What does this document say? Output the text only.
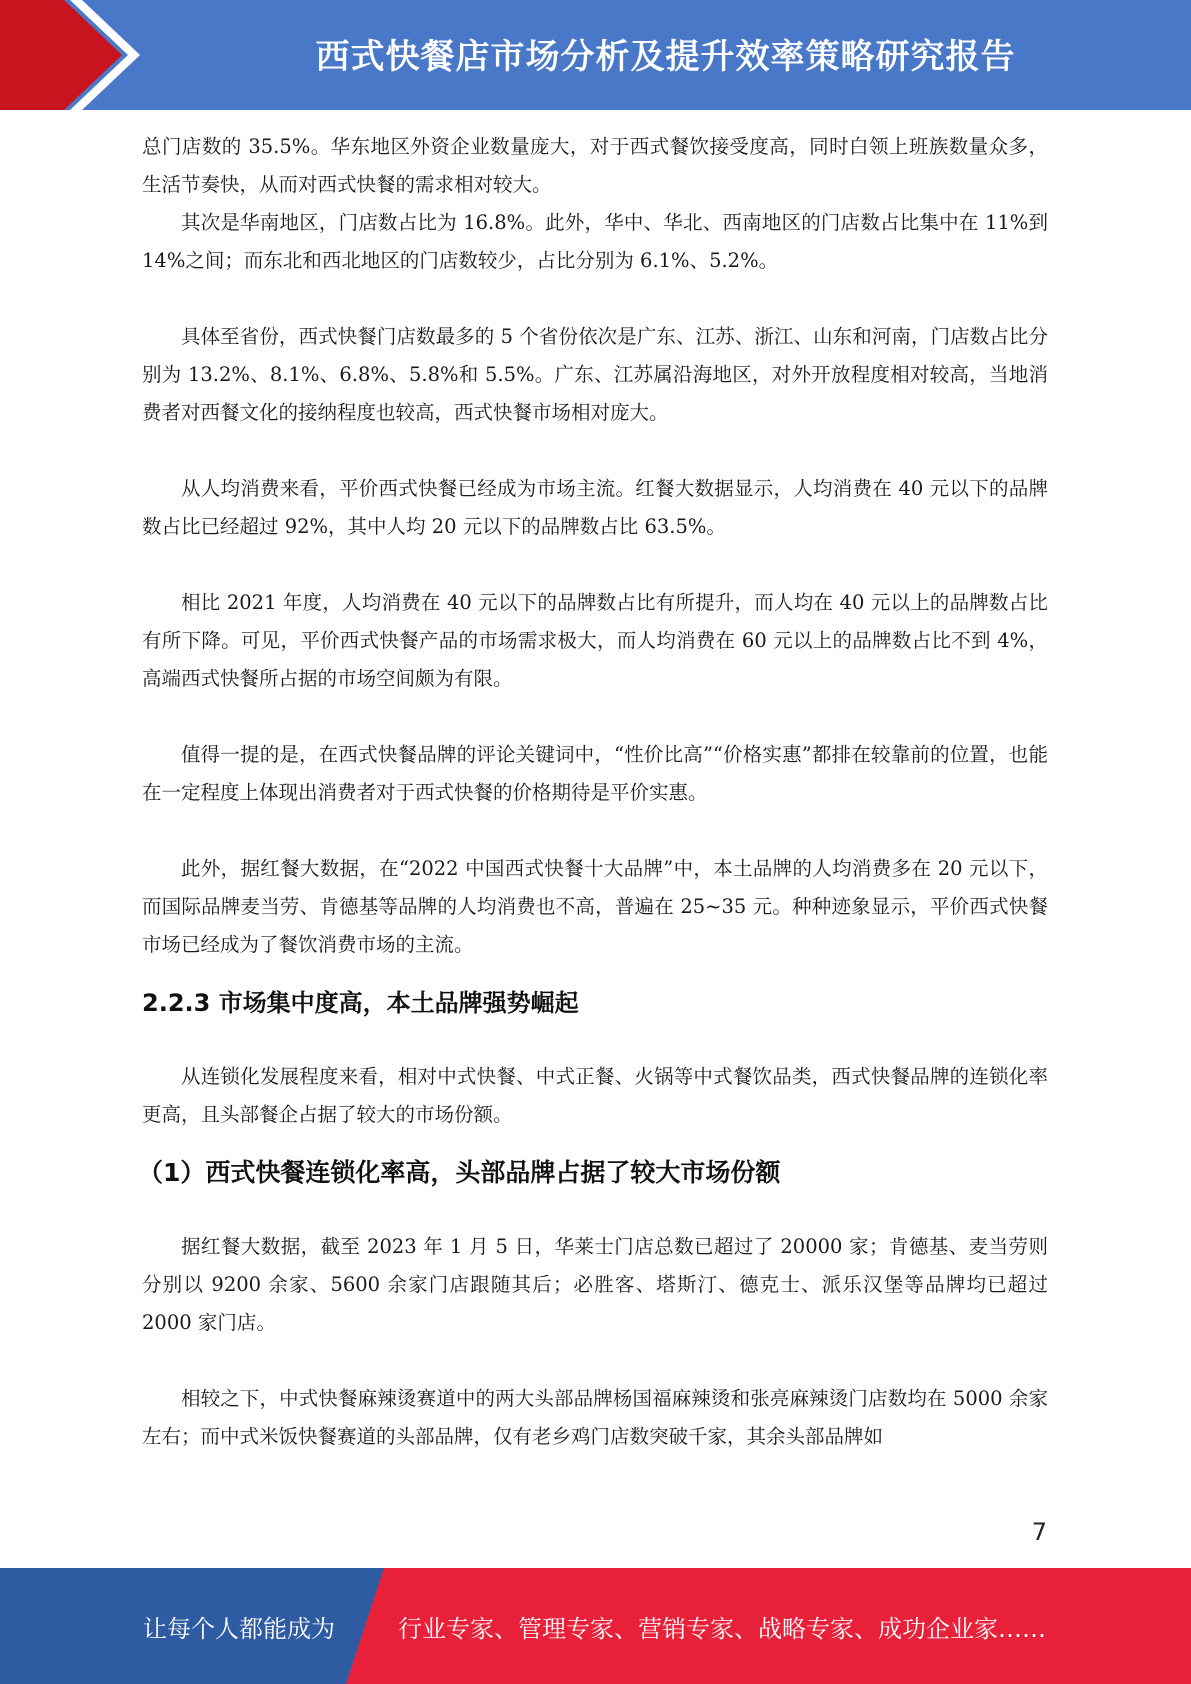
西式快餐店市场分析及提升效率策略研究报告

总门店数的 35.5%。华东地区外资企业数量庞大，对于西式餐饮接受度高，同时白领上班族数量众多，生活节奏快，从而对西式快餐的需求相对较大。

其次是华南地区，门店数占比为 16.8%。此外，华中、华北、西南地区的门店数占比集中在 11%到 14%之间；而东北和西北地区的门店数较少，占比分别为 6.1%、5.2%。

具体至省份，西式快餐门店数最多的 5 个省份依次是广东、江苏、浙江、山东和河南，门店数占比分别为 13.2%、8.1%、6.8%、5.8%和 5.5%。广东、江苏属沿海地区，对外开放程度相对较高，当地消费者对西餐文化的接纳程度也较高，西式快餐市场相对庞大。

从人均消费来看，平价西式快餐已经成为市场主流。红餐大数据显示，人均消费在 40 元以下的品牌数占比已经超过 92%，其中人均 20 元以下的品牌数占比 63.5%。

相比 2021 年度，人均消费在 40 元以下的品牌数占比有所提升，而人均在 40 元以上的品牌数占比有所下降。可见，平价西式快餐产品的市场需求极大，而人均消费在 60 元以上的品牌数占比不到 4%，高端西式快餐所占据的市场空间颇为有限。

值得一提的是，在西式快餐品牌的评论关键词中，“性价比高”“价格实惠”都排在较靠前的位置，也能在一定程度上体现出消费者对于西式快餐的价格期待是平价实惠。

此外，据红餐大数据，在“2022 中国西式快餐十大品牌”中，本土品牌的人均消费多在 20 元以下，而国际品牌麦当劳、肯德基等品牌的人均消费也不高，普遍在 25~35 元。种种迹象显示，平价西式快餐市场已经成为了餐饮消费市场的主流。

2.2.3 市场集中度高，本土品牌强势崛起

从连锁化发展程度来看，相对中式快餐、中式正餐、火锅等中式餐饮品类，西式快餐品牌的连锁化率更高，且头部餐企占据了较大的市场份额。

（1）西式快餐连锁化率高，头部品牌占据了较大市场份额

据红餐大数据，截至 2023 年 1 月 5 日，华莱士门店总数已超过了 20000 家；肯德基、麦当劳则分别以 9200 余家、5600 余家门店跟随其后；必胜客、塔斯汀、德克士、派乐汉堡等品牌均已超过 2000 家门店。

相较之下，中式快餐麻辣烫赛道中的两大头部品牌杨国福麻辣烫和张亮麻辣烫门店数均在 5000 余家左右；而中式米饭快餐赛道的头部品牌，仅有老乡鸡门店数突破千家，其余头部品牌如

7
让每个人都能成为	行业专家、管理专家、营销专家、战略专家、成功企业家……
